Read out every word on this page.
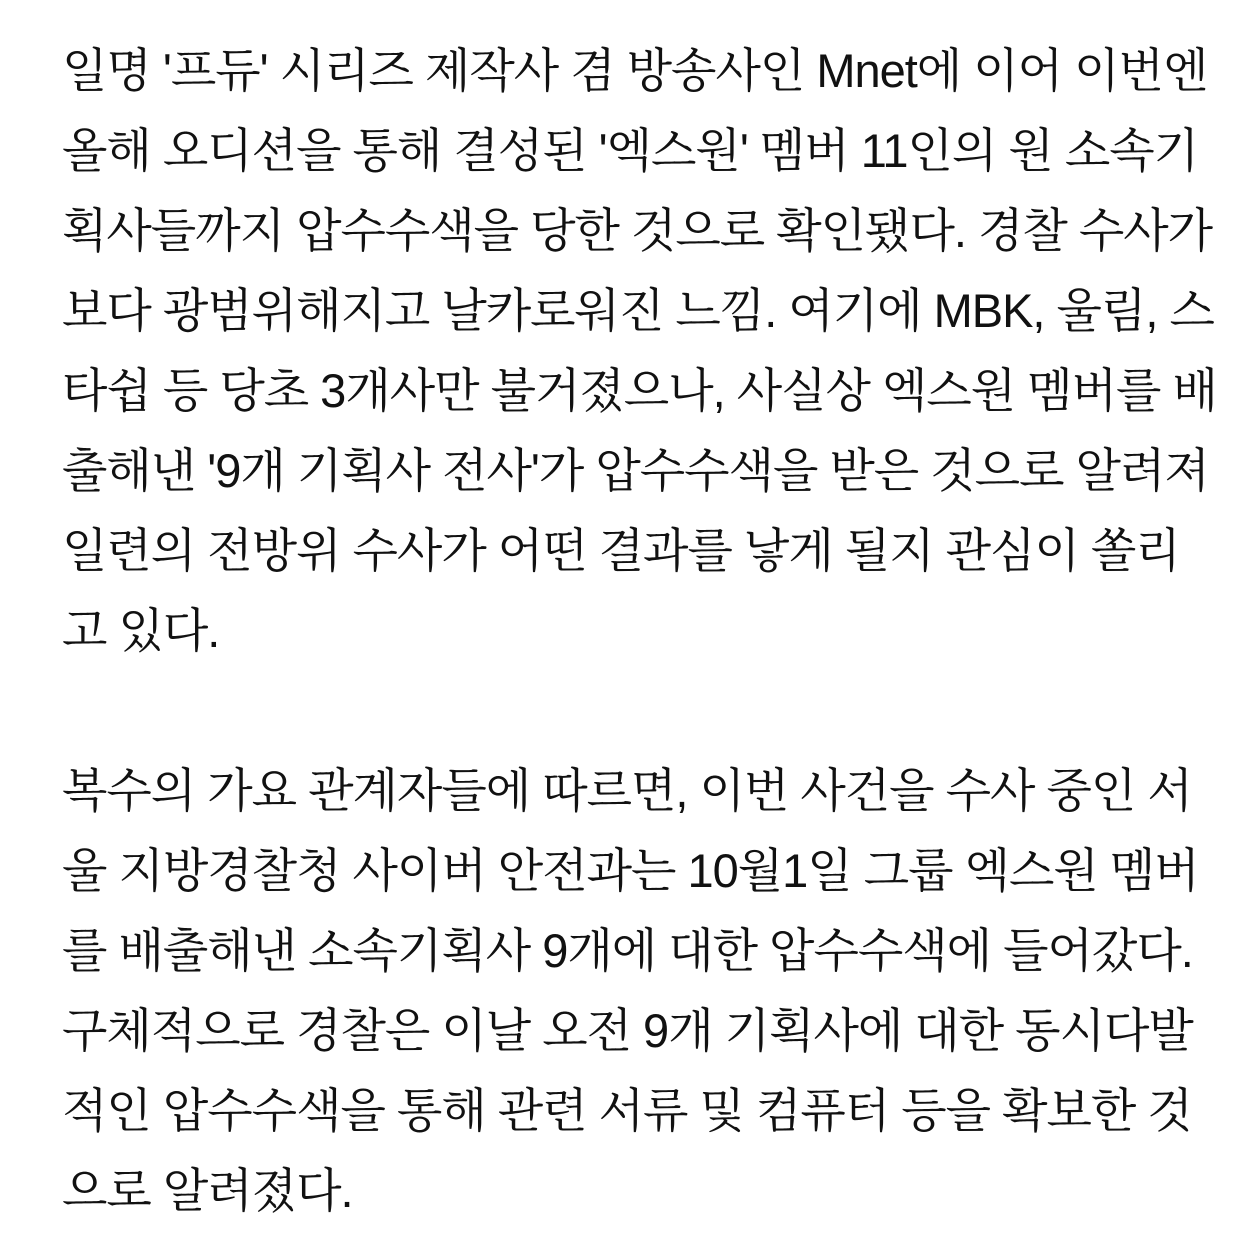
일명 '프듀' 시리즈 제작사 겸 방송사인 Mnet에 이어 이번엔
올해 오디션을 통해 결성된 '엑스원' 멤버 11인의 원 소속기
획사들까지 압수수색을 당한 것으로 확인됐다. 경찰 수사가
보다 광범위해지고 날카로워진 느낌. 여기에 MBK, 울림, 스
타쉽 등 당초 3개사만 불거졌으나, 사실상 엑스원 멤버를 배
출해낸 '9개 기획사 전사'가 압수수색을 받은 것으로 알려져
일련의 전방위 수사가 어떤 결과를 낳게 될지 관심이 쏠리
고 있다.

복수의 가요 관계자들에 따르면, 이번 사건을 수사 중인 서
울 지방경찰청 사이버 안전과는 10월1일 그룹 엑스원 멤버
를 배출해낸 소속기획사 9개에 대한 압수수색에 들어갔다.
구체적으로 경찰은 이날 오전 9개 기획사에 대한 동시다발
적인 압수수색을 통해 관련 서류 및 컴퓨터 등을 확보한 것
으로 알려졌다.
